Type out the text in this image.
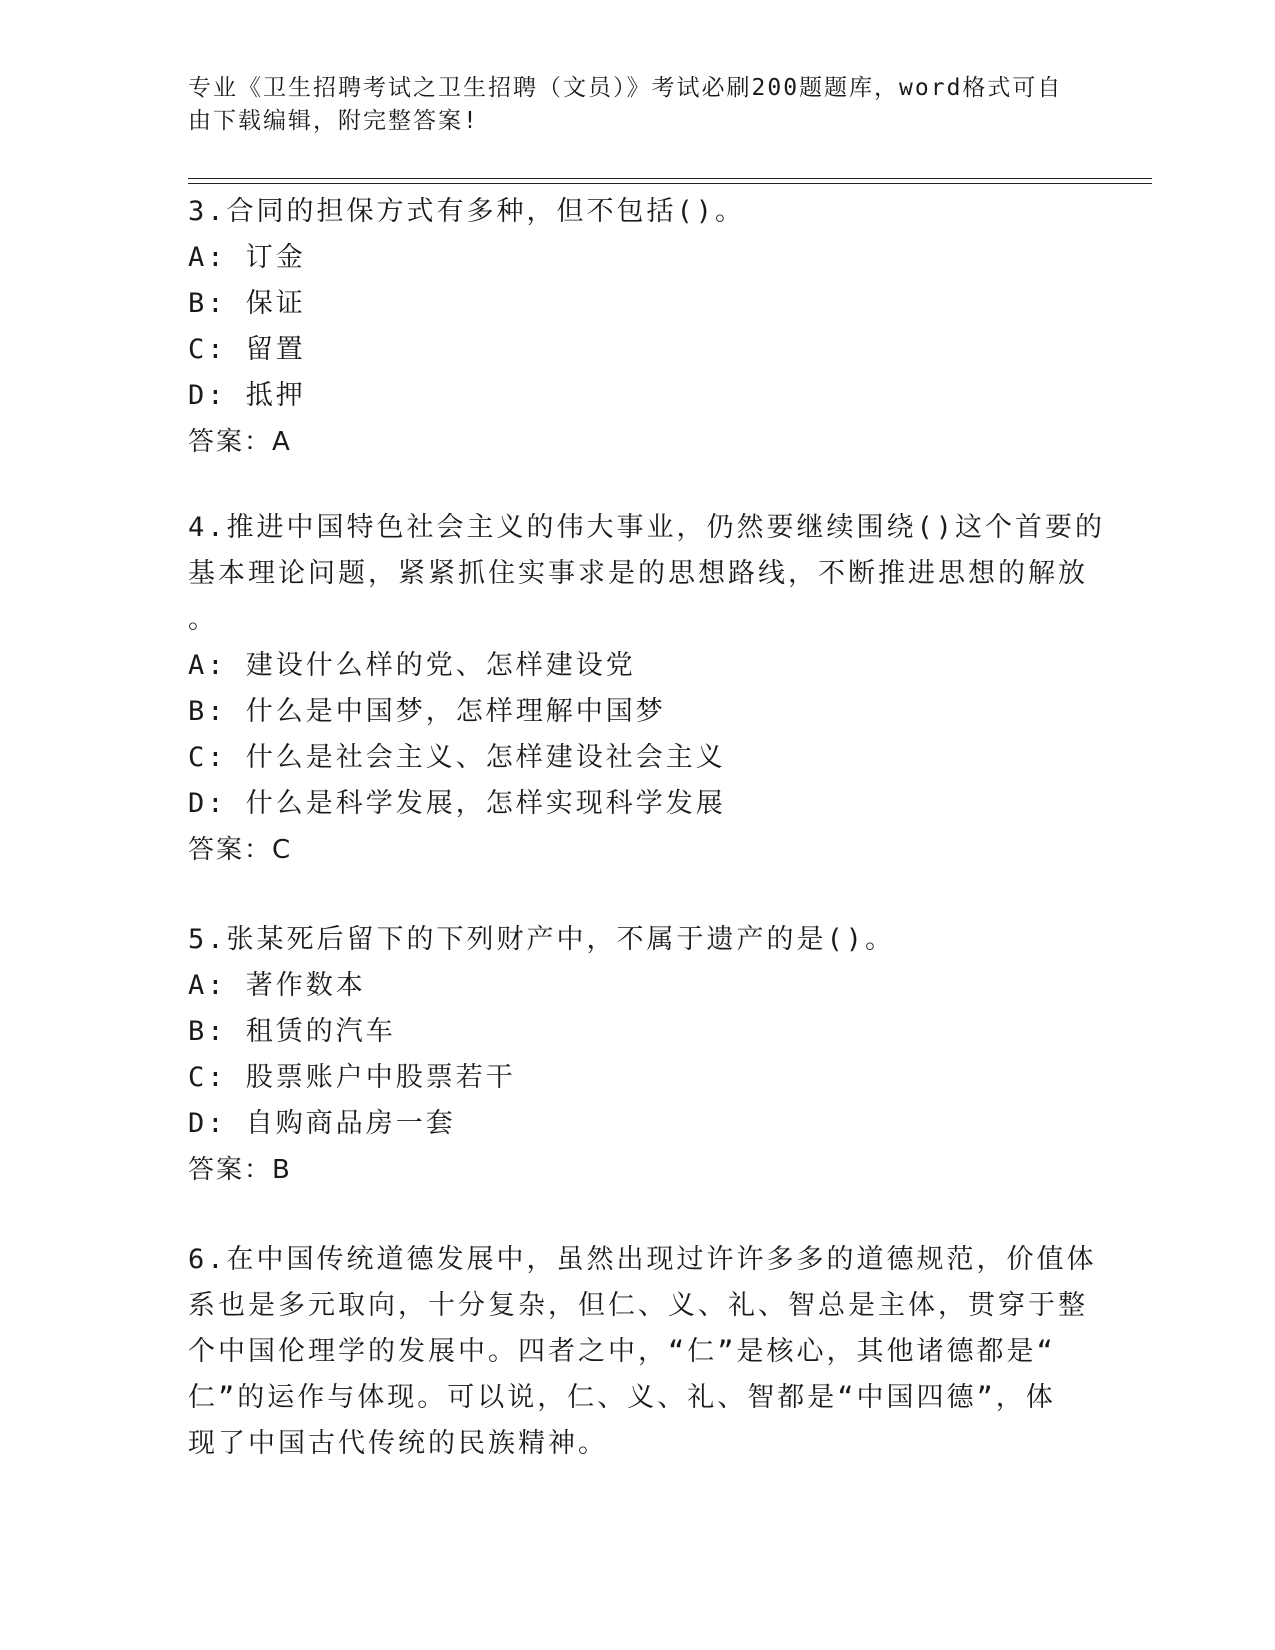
专业《卫生招聘考试之卫生招聘（文员）》考试必刷200题题库，word格式可自
由下载编辑，附完整答案!
3.合同的担保方式有多种，但不包括()。
A: 订金
B: 保证
C: 留置
D: 抵押
答案：A
4.推进中国特色社会主义的伟大事业，仍然要继续围绕()这个首要的
基本理论问题，紧紧抓住实事求是的思想路线，不断推进思想的解放
。
A: 建设什么样的党、怎样建设党
B: 什么是中国梦，怎样理解中国梦
C: 什么是社会主义、怎样建设社会主义
D: 什么是科学发展，怎样实现科学发展
答案：C
5.张某死后留下的下列财产中，不属于遗产的是()。
A: 著作数本
B: 租赁的汽车
C: 股票账户中股票若干
D: 自购商品房一套
答案：B
6.在中国传统道德发展中，虽然出现过许许多多的道德规范，价值体
系也是多元取向，十分复杂，但仁、义、礼、智总是主体，贯穿于整
个中国伦理学的发展中。四者之中，“仁”是核心，其他诸德都是“
仁”的运作与体现。可以说，仁、义、礼、智都是“中国四德”，体
现了中国古代传统的民族精神。
